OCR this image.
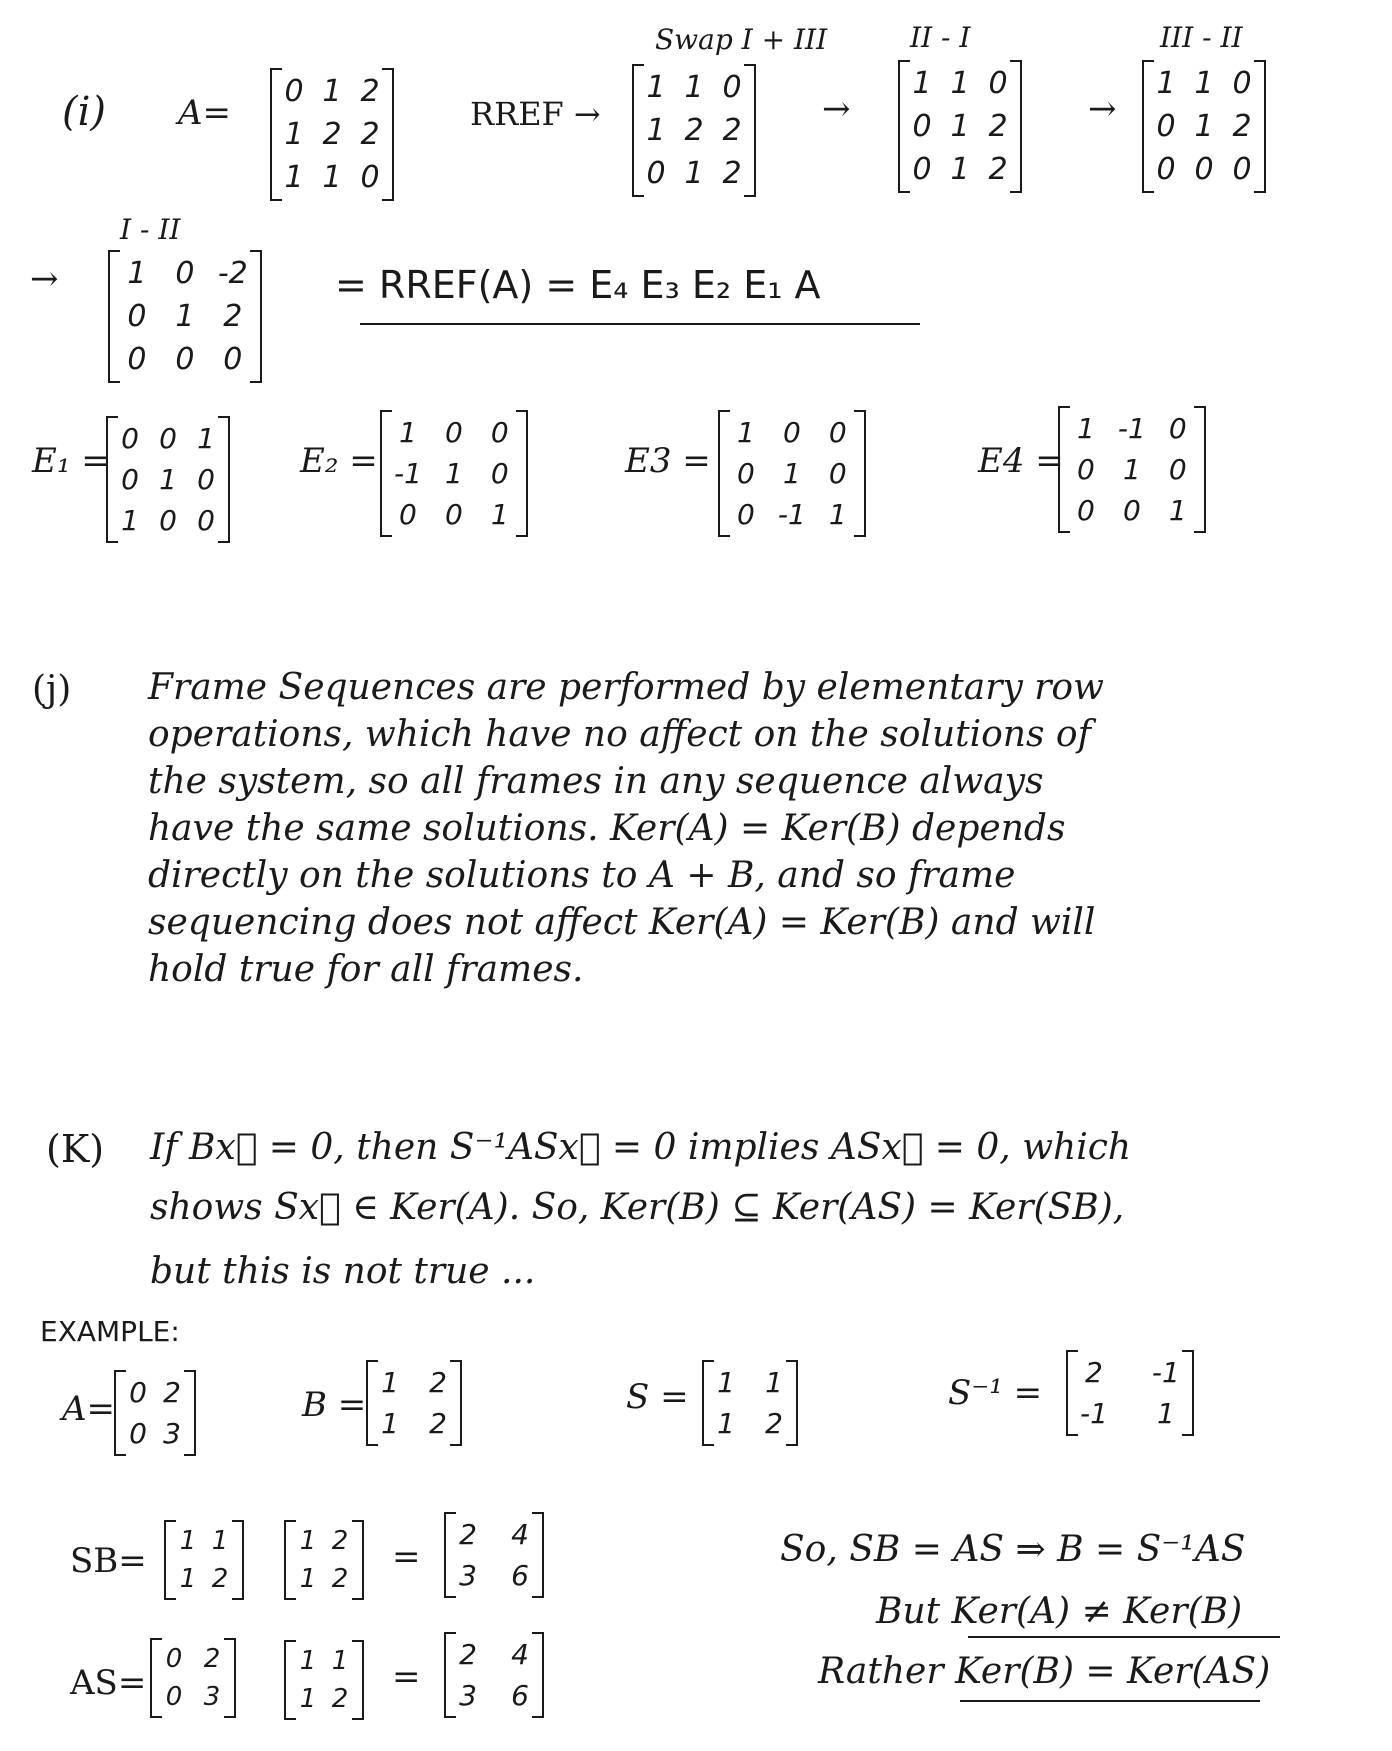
(i) A=
0 1 2
1 2 2
1 1 0
RREF →
Swap I + III
1 1 0
1 2 2
0 1 2
→
II - I
1 1 0
0 1 2
0 1 2
→
III - II
1 1 0
0 1 2
0 0 0
I - II
→ 1 0 -2
0 1 2
0 0 0
= RREF(A) = E₄ E₃ E₂ E₁ A
E₁ =
0 0 1
0 1 0
1 0 0
E₂ =
1 0 0
-1 1 0
0 0 1
E3 =
1 0 0
0 1 0
0 -1 1
E4 =
1 -1 0
0 1 0
0 0 1
(j) Frame Sequences are performed by elementary row
operations, which have no affect on the solutions of
the system, so all frames in any sequence always
have the same solutions. Ker(A) = Ker(B) depends
directly on the solutions to A + B, and so frame
sequencing does not affect Ker(A) = Ker(B) and will
hold true for all frames.
(K) If Bx⃗ = 0, then S⁻¹ASx⃗ = 0 implies ASx⃗ = 0, which
shows Sx⃗ ∈ Ker(A). So, Ker(B) ⊆ Ker(AS) = Ker(SB),
but this is not true ...
EXAMPLE:
A= 0 2
0 3
B =
1 2
1 2
S = 1 1
1 2
S⁻¹ =
2 -1
-1 1
SB= 1 1
1 2
1 2
1 2
=
2 4
3 6
AS=
0 2
0 3
1 1
1 2
=
2 4
3 6
So, SB = AS ⇒ B = S⁻¹AS
But Ker(A) ≠ Ker(B)
Rather Ker(B) = Ker(AS)
